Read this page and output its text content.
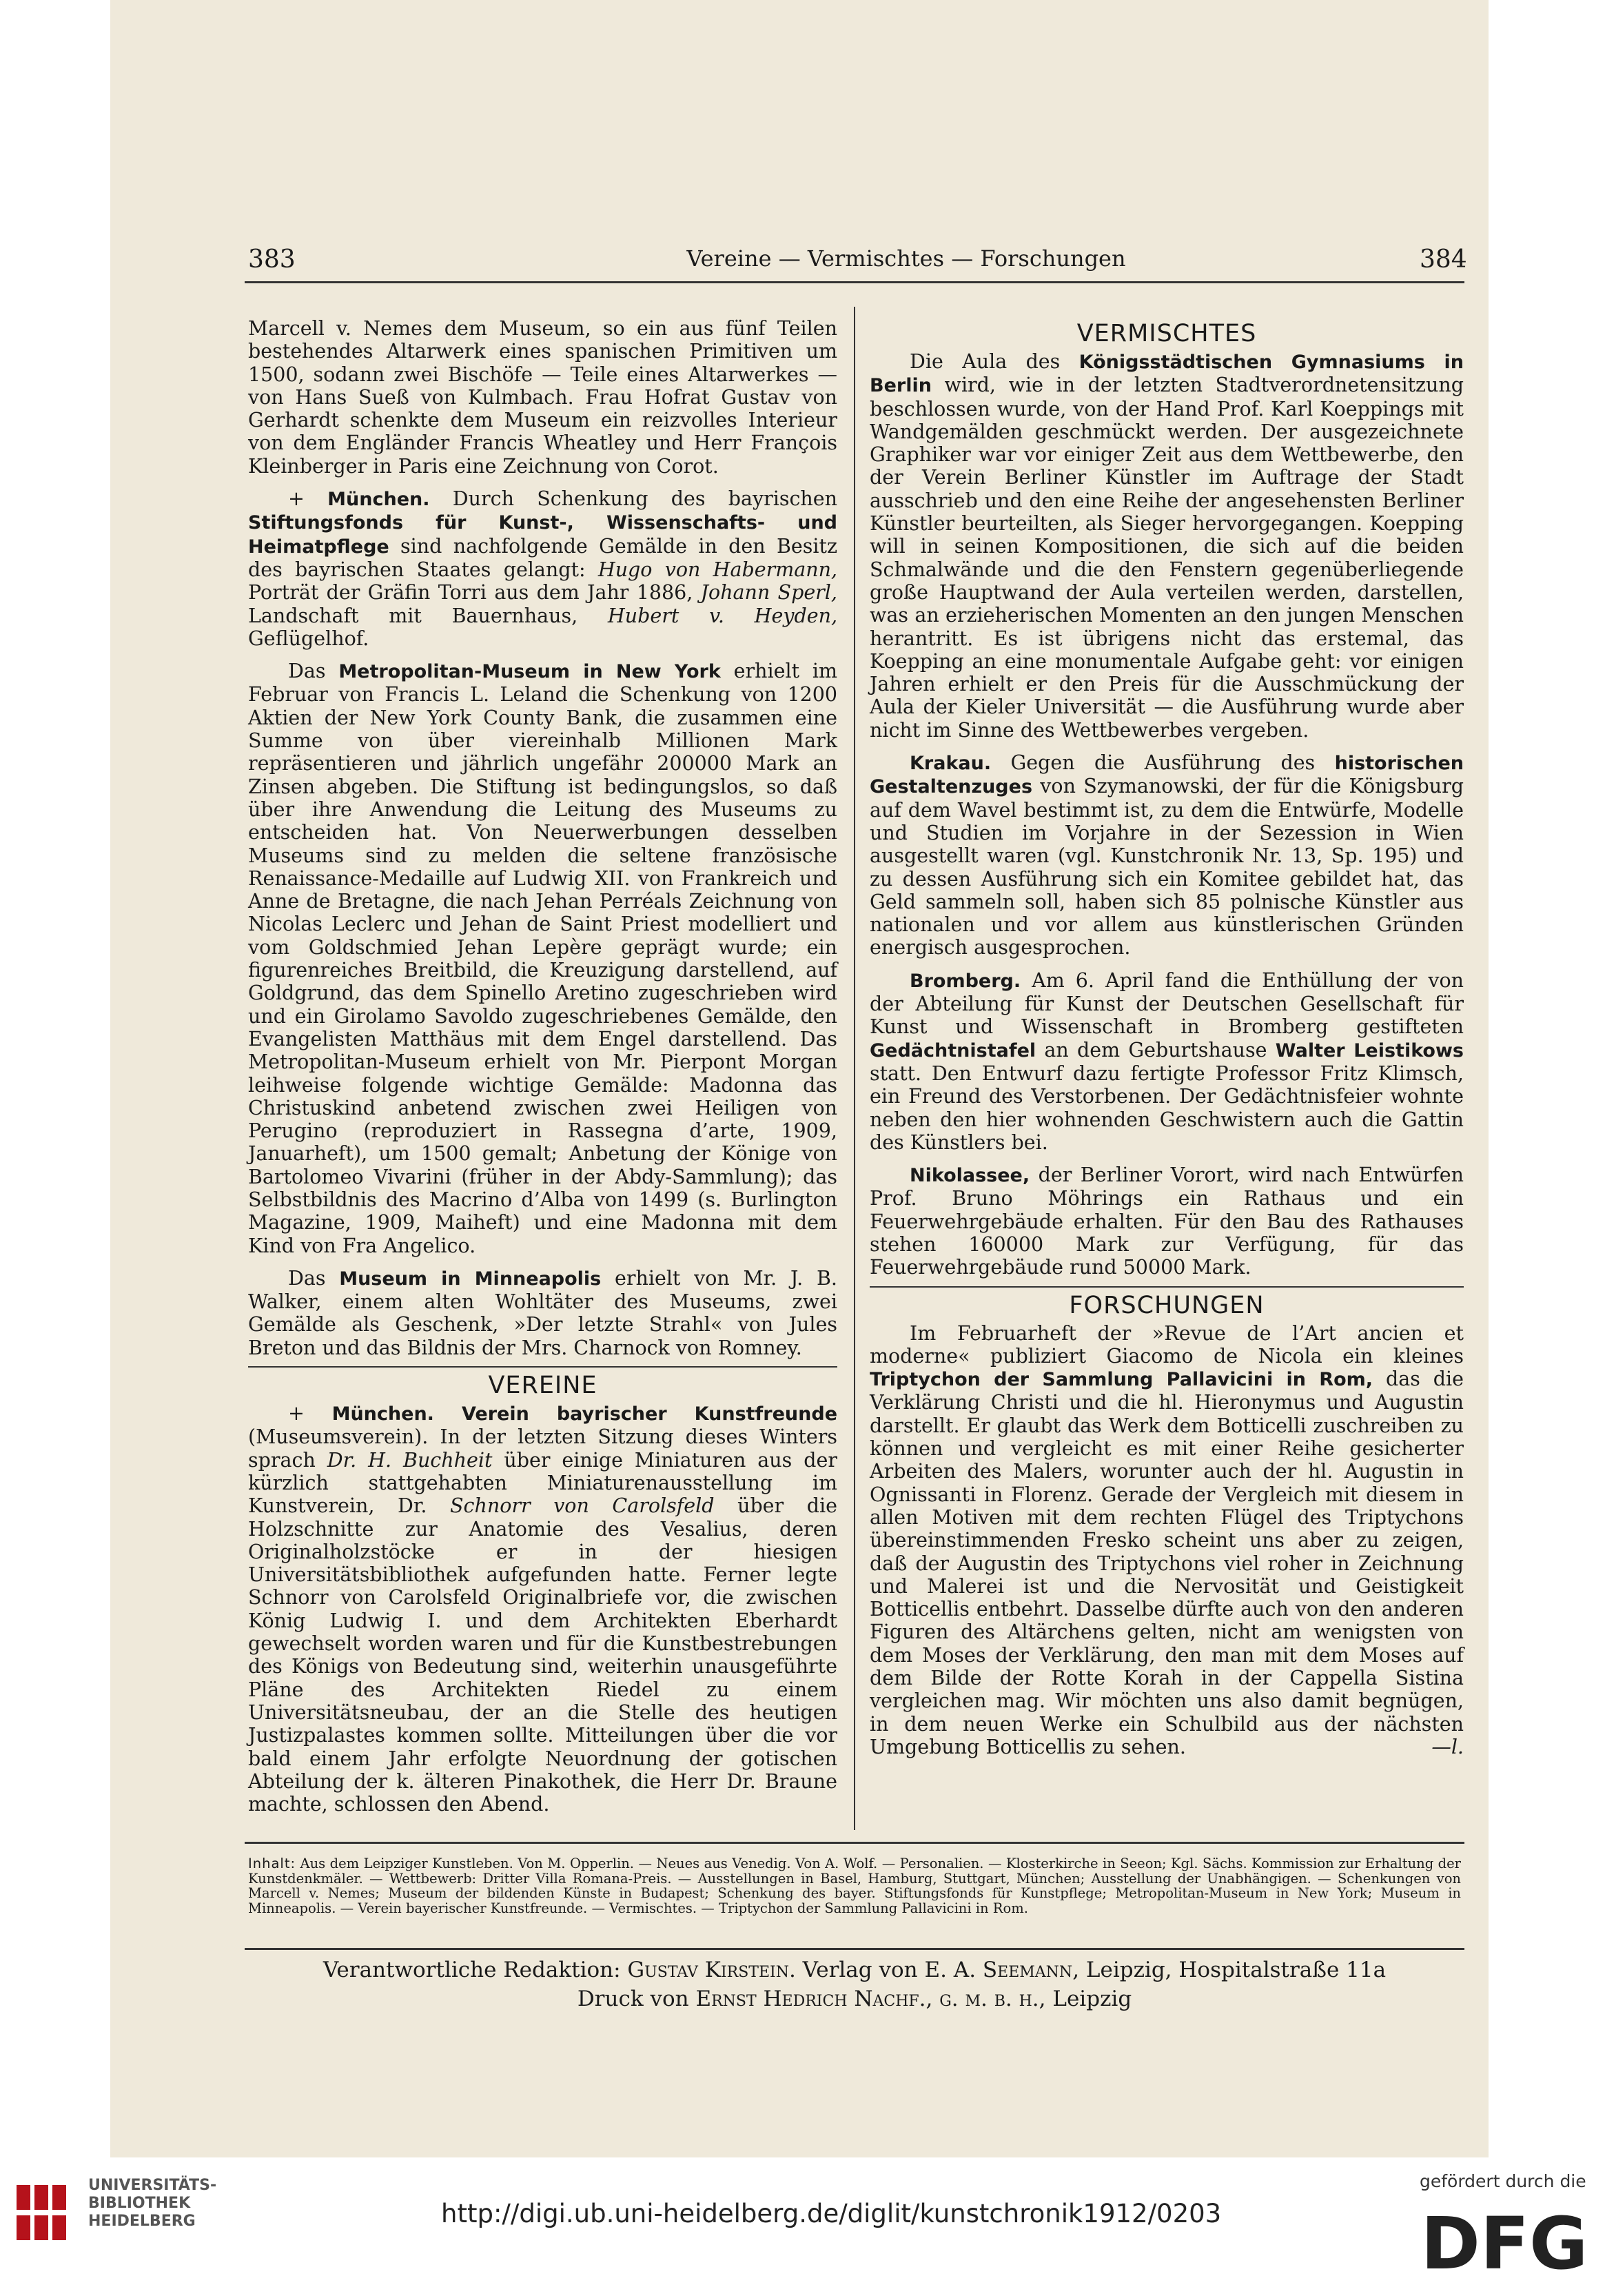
383	Vereine — Vermischtes — Forschungen	384

Marcell v. Nemes dem Museum, so ein aus fünf Teilen bestehendes Altarwerk eines spanischen Primitiven um 1500, sodann zwei Bischöfe — Teile eines Altarwerkes — von Hans Sueß von Kulmbach. Frau Hofrat Gustav von Gerhardt schenkte dem Museum ein reizvolles Interieur von dem Engländer Francis Wheatley und Herr François Kleinberger in Paris eine Zeichnung von Corot.

+ München. Durch Schenkung des bayrischen Stiftungsfonds für Kunst-, Wissenschafts- und Heimatpflege sind nachfolgende Gemälde in den Besitz des bayrischen Staates gelangt: Hugo von Habermann, Porträt der Gräfin Torri aus dem Jahr 1886, Johann Sperl, Landschaft mit Bauernhaus, Hubert v. Heyden, Geflügelhof.

Das Metropolitan-Museum in New York erhielt im Februar von Francis L. Leland die Schenkung von 1200 Aktien der New York County Bank, die zusammen eine Summe von über viereinhalb Millionen Mark repräsentieren und jährlich ungefähr 200000 Mark an Zinsen abgeben. Die Stiftung ist bedingungslos, so daß über ihre Anwendung die Leitung des Museums zu entscheiden hat. Von Neuerwerbungen desselben Museums sind zu melden die seltene französische Renaissance-Medaille auf Ludwig XII. von Frankreich und Anne de Bretagne, die nach Jehan Perréals Zeichnung von Nicolas Leclerc und Jehan de Saint Priest modelliert und vom Goldschmied Jehan Lepère geprägt wurde; ein figurenreiches Breitbild, die Kreuzigung darstellend, auf Goldgrund, das dem Spinello Aretino zugeschrieben wird und ein Girolamo Savoldo zugeschriebenes Gemälde, den Evangelisten Matthäus mit dem Engel darstellend. Das Metropolitan-Museum erhielt von Mr. Pierpont Morgan leihweise folgende wichtige Gemälde: Madonna das Christuskind anbetend zwischen zwei Heiligen von Perugino (reproduziert in Rassegna d’arte, 1909, Januarheft), um 1500 gemalt; Anbetung der Könige von Bartolomeo Vivarini (früher in der Abdy-Sammlung); das Selbstbildnis des Macrino d’Alba von 1499 (s. Burlington Magazine, 1909, Maiheft) und eine Madonna mit dem Kind von Fra Angelico.

Das Museum in Minneapolis erhielt von Mr. J. B. Walker, einem alten Wohltäter des Museums, zwei Gemälde als Geschenk, »Der letzte Strahl« von Jules Breton und das Bildnis der Mrs. Charnock von Romney.

VEREINE

+ München. Verein bayrischer Kunstfreunde (Museumsverein). In der letzten Sitzung dieses Winters sprach Dr. H. Buchheit über einige Miniaturen aus der kürzlich stattgehabten Miniaturenausstellung im Kunstverein, Dr. Schnorr von Carolsfeld über die Holzschnitte zur Anatomie des Vesalius, deren Originalholzstöcke er in der hiesigen Universitätsbibliothek aufgefunden hatte. Ferner legte Schnorr von Carolsfeld Originalbriefe vor, die zwischen König Ludwig I. und dem Architekten Eberhardt gewechselt worden waren und für die Kunstbestrebungen des Königs von Bedeutung sind, weiterhin unausgeführte Pläne des Architekten Riedel zu einem Universitätsneubau, der an die Stelle des heutigen Justizpalastes kommen sollte. Mitteilungen über die vor bald einem Jahr erfolgte Neuordnung der gotischen Abteilung der k. älteren Pinakothek, die Herr Dr. Braune machte, schlossen den Abend.

VERMISCHTES

Die Aula des Königsstädtischen Gymnasiums in Berlin wird, wie in der letzten Stadtverordnetensitzung beschlossen wurde, von der Hand Prof. Karl Koeppings mit Wandgemälden geschmückt werden. Der ausgezeichnete Graphiker war vor einiger Zeit aus dem Wettbewerbe, den der Verein Berliner Künstler im Auftrage der Stadt ausschrieb und den eine Reihe der angesehensten Berliner Künstler beurteilten, als Sieger hervorgegangen. Koepping will in seinen Kompositionen, die sich auf die beiden Schmalwände und die den Fenstern gegenüberliegende große Hauptwand der Aula verteilen werden, darstellen, was an erzieherischen Momenten an den jungen Menschen herantritt. Es ist übrigens nicht das erstemal, das Koepping an eine monumentale Aufgabe geht: vor einigen Jahren erhielt er den Preis für die Ausschmückung der Aula der Kieler Universität — die Ausführung wurde aber nicht im Sinne des Wettbewerbes vergeben.

Krakau. Gegen die Ausführung des historischen Gestaltenzuges von Szymanowski, der für die Königsburg auf dem Wavel bestimmt ist, zu dem die Entwürfe, Modelle und Studien im Vorjahre in der Sezession in Wien ausgestellt waren (vgl. Kunstchronik Nr. 13, Sp. 195) und zu dessen Ausführung sich ein Komitee gebildet hat, das Geld sammeln soll, haben sich 85 polnische Künstler aus nationalen und vor allem aus künstlerischen Gründen energisch ausgesprochen.

Bromberg. Am 6. April fand die Enthüllung der von der Abteilung für Kunst der Deutschen Gesellschaft für Kunst und Wissenschaft in Bromberg gestifteten Gedächtnistafel an dem Geburtshause Walter Leistikows statt. Den Entwurf dazu fertigte Professor Fritz Klimsch, ein Freund des Verstorbenen. Der Gedächtnisfeier wohnte neben den hier wohnenden Geschwistern auch die Gattin des Künstlers bei.

Nikolassee, der Berliner Vorort, wird nach Entwürfen Prof. Bruno Möhrings ein Rathaus und ein Feuerwehrgebäude erhalten. Für den Bau des Rathauses stehen 160000 Mark zur Verfügung, für das Feuerwehrgebäude rund 50000 Mark.

FORSCHUNGEN

Im Februarheft der »Revue de l’Art ancien et moderne« publiziert Giacomo de Nicola ein kleines Triptychon der Sammlung Pallavicini in Rom, das die Verklärung Christi und die hl. Hieronymus und Augustin darstellt. Er glaubt das Werk dem Botticelli zuschreiben zu können und vergleicht es mit einer Reihe gesicherter Arbeiten des Malers, worunter auch der hl. Augustin in Ognissanti in Florenz. Gerade der Vergleich mit diesem in allen Motiven mit dem rechten Flügel des Triptychons übereinstimmenden Fresko scheint uns aber zu zeigen, daß der Augustin des Triptychons viel roher in Zeichnung und Malerei ist und die Nervosität und Geistigkeit Botticellis entbehrt. Dasselbe dürfte auch von den anderen Figuren des Altärchens gelten, nicht am wenigsten von dem Moses der Verklärung, den man mit dem Moses auf dem Bilde der Rotte Korah in der Cappella Sistina vergleichen mag. Wir möchten uns also damit begnügen, in dem neuen Werke ein Schulbild aus der nächsten Umgebung Botticellis zu sehen.	—l.

Inhalt: Aus dem Leipziger Kunstleben. Von M. Opperlin. — Neues aus Venedig. Von A. Wolf. — Personalien. — Klosterkirche in Seeon; Kgl. Sächs. Kommission zur Erhaltung der Kunstdenkmäler. — Wettbewerb: Dritter Villa Romana-Preis. — Ausstellungen in Basel, Hamburg, Stuttgart, München; Ausstellung der Unabhängigen. — Schenkungen von Marcell v. Nemes; Museum der bildenden Künste in Budapest; Schenkung des bayer. Stiftungsfonds für Kunstpflege; Metropolitan-Museum in New York; Museum in Minneapolis. — Verein bayerischer Kunstfreunde. — Vermischtes. — Triptychon der Sammlung Pallavicini in Rom.
Verantwortliche Redaktion: Gustav Kirstein. Verlag von E. A. Seemann, Leipzig, Hospitalstraße 11a
Druck von Ernst Hedrich Nachf., g. m. b. h., Leipzig
UNIVERSITÄTS-
BIBLIOTHEK
HEIDELBERG	http://digi.ub.uni-heidelberg.de/diglit/kunstchronik1912/0203
gefördert durch die
DFG
